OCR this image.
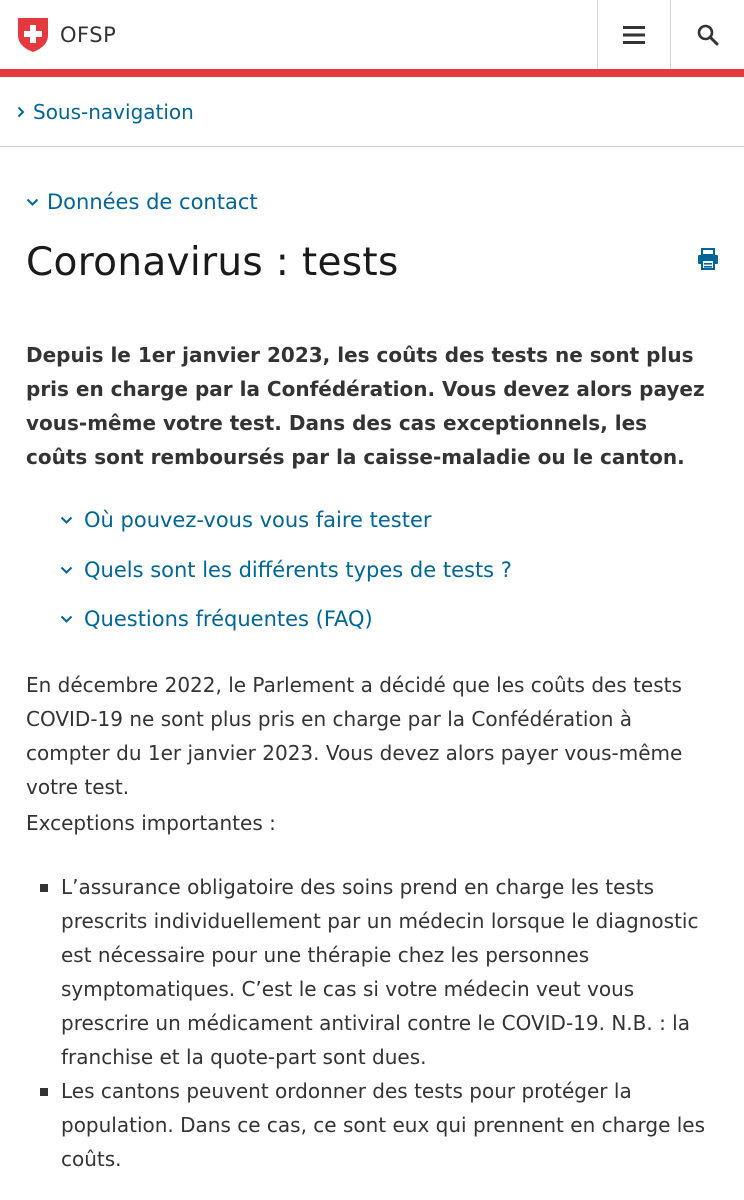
OFSP
Sous-navigation
Données de contact
Coronavirus : tests

Depuis le 1er janvier 2023, les coûts des tests ne sont plus pris en charge par la Confédération. Vous devez alors payez vous-même votre test. Dans des cas exceptionnels, les coûts sont remboursés par la caisse-maladie ou le canton.

Où pouvez-vous vous faire tester
Quels sont les différents types de tests ?
Questions fréquentes (FAQ)

En décembre 2022, le Parlement a décidé que les coûts des tests COVID-19 ne sont plus pris en charge par la Confédération à compter du 1er janvier 2023. Vous devez alors payer vous-même votre test.

Exceptions importantes :

L’assurance obligatoire des soins prend en charge les tests prescrits individuellement par un médecin lorsque le diagnostic est nécessaire pour une thérapie chez les personnes symptomatiques. C’est le cas si votre médecin veut vous prescrire un médicament antiviral contre le COVID-19. N.B. : la franchise et la quote-part sont dues.
Les cantons peuvent ordonner des tests pour protéger la population. Dans ce cas, ce sont eux qui prennent en charge les coûts.
